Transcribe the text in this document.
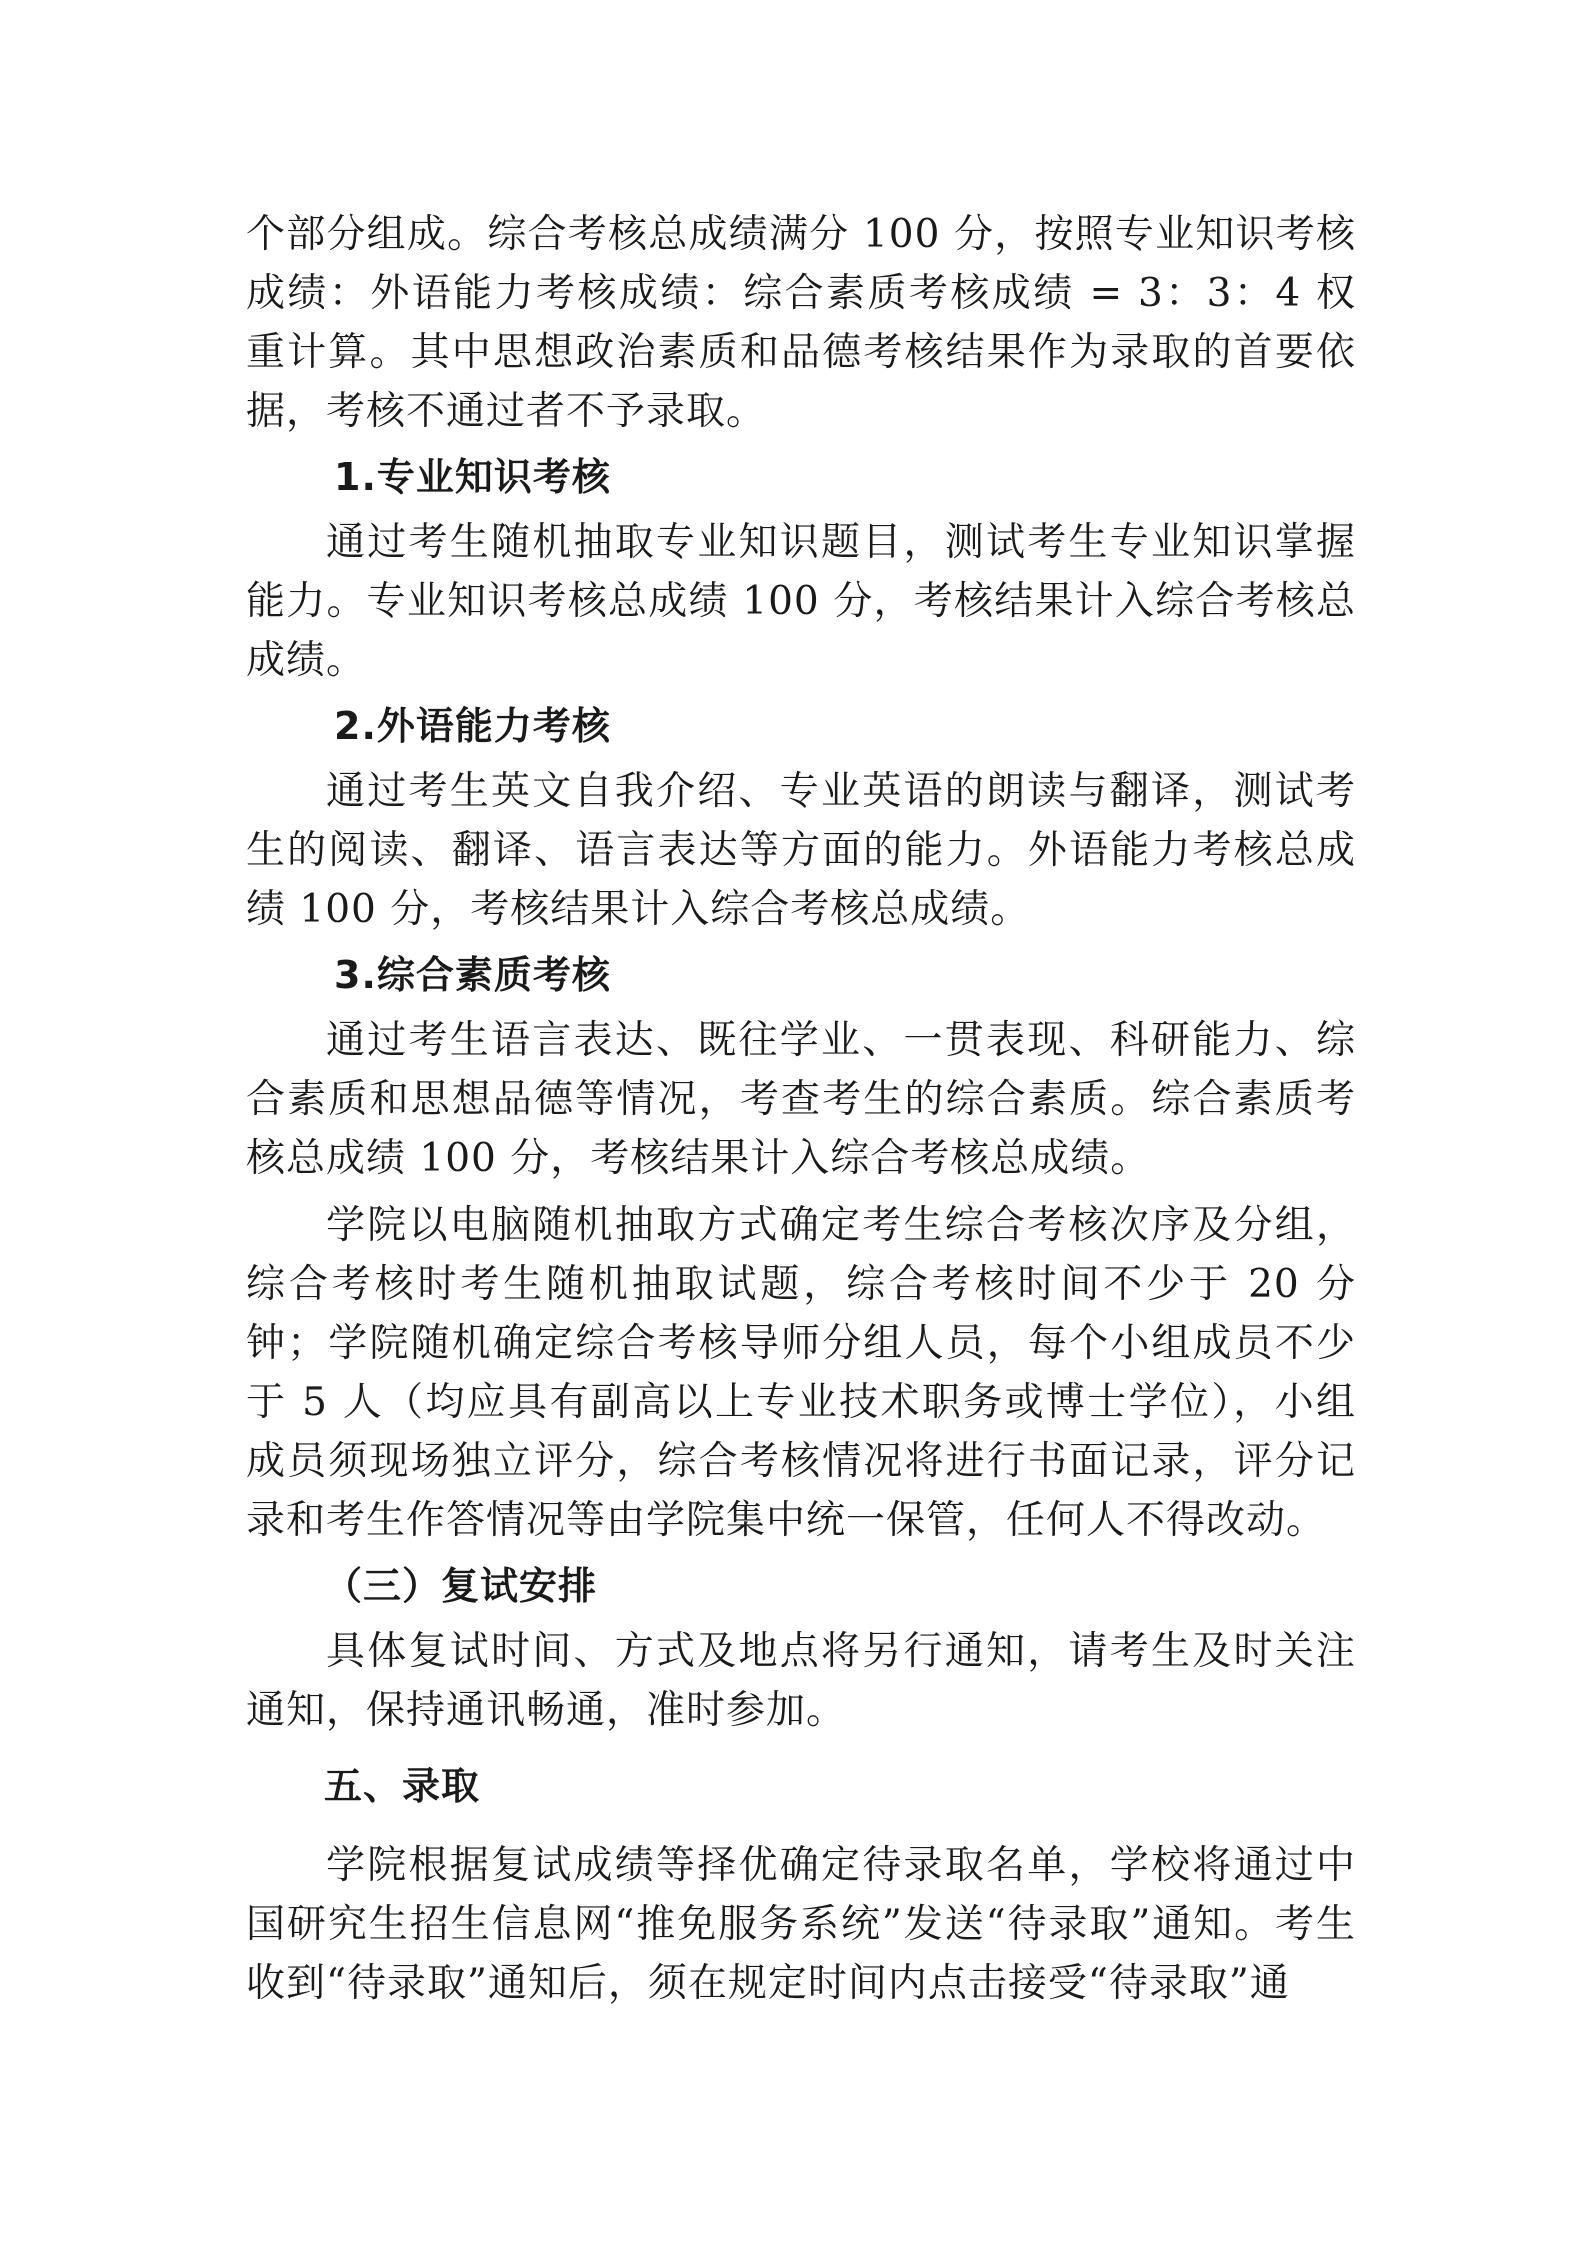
个部分组成。综合考核总成绩满分 100 分，按照专业知识考核成绩：外语能力考核成绩：综合素质考核成绩 = 3：3：4 权重计算。其中思想政治素质和品德考核结果作为录取的首要依据，考核不通过者不予录取。

1.专业知识考核

通过考生随机抽取专业知识题目，测试考生专业知识掌握能力。专业知识考核总成绩 100 分，考核结果计入综合考核总成绩。

2.外语能力考核

通过考生英文自我介绍、专业英语的朗读与翻译，测试考生的阅读、翻译、语言表达等方面的能力。外语能力考核总成绩 100 分，考核结果计入综合考核总成绩。

3.综合素质考核

通过考生语言表达、既往学业、一贯表现、科研能力、综合素质和思想品德等情况，考查考生的综合素质。综合素质考核总成绩 100 分，考核结果计入综合考核总成绩。

学院以电脑随机抽取方式确定考生综合考核次序及分组，综合考核时考生随机抽取试题，综合考核时间不少于 20 分钟；学院随机确定综合考核导师分组人员，每个小组成员不少于 5 人（均应具有副高以上专业技术职务或博士学位），小组成员须现场独立评分，综合考核情况将进行书面记录，评分记录和考生作答情况等由学院集中统一保管，任何人不得改动。

（三）复试安排

具体复试时间、方式及地点将另行通知，请考生及时关注通知，保持通讯畅通，准时参加。

五、录取

学院根据复试成绩等择优确定待录取名单，学校将通过中国研究生招生信息网“推免服务系统”发送“待录取”通知。考生收到“待录取”通知后，须在规定时间内点击接受“待录取”通
